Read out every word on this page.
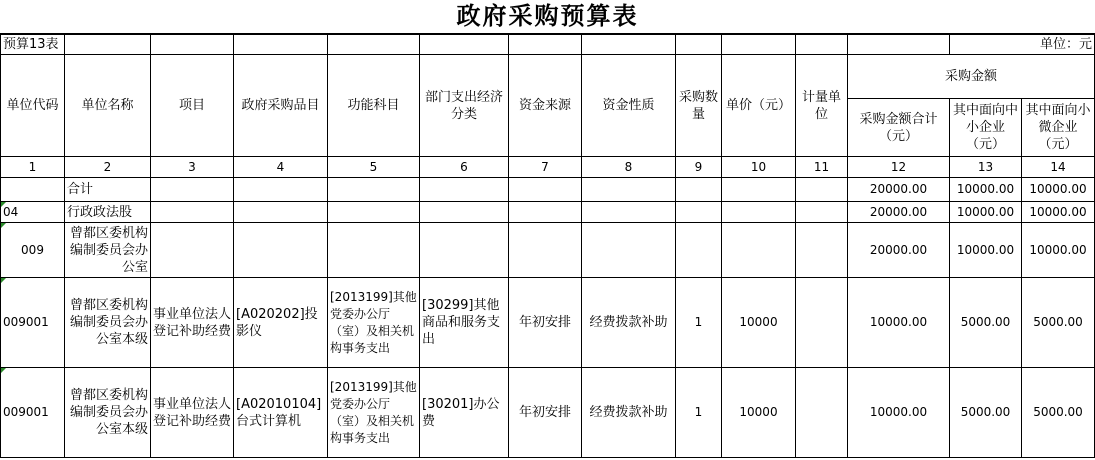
政府采购预算表
预算13表												单位：元	
单位代码	单位名称	项目	政府采购品目	功能科目	部门支出经济分类	资金来源	资金性质	采购数量	单价（元）	计量单位	采购金额		
											采购金额合计（元）	其中面向中小企业（元）	其中面向小微企业（元）
1	2	3	4	5	6	7	8	9	10	11	12	13	14
	合计										20000.00	10000.00	10000.00
04	行政政法股										20000.00	10000.00	10000.00
009	曾都区委机构编制委员会办公室										20000.00	10000.00	10000.00
009001	曾都区委机构编制委员会办公室本级	事业单位法人登记补助经费	[A020202]投影仪	[2013199]其他党委办公厅（室）及相关机构事务支出	[30299]其他商品和服务支出	年初安排	经费拨款补助	1	10000		10000.00	5000.00	5000.00
009001	曾都区委机构编制委员会办公室本级	事业单位法人登记补助经费	[A02010104]台式计算机	[2013199]其他党委办公厅（室）及相关机构事务支出	[30201]办公费	年初安排	经费拨款补助	1	10000		10000.00	5000.00	5000.00
